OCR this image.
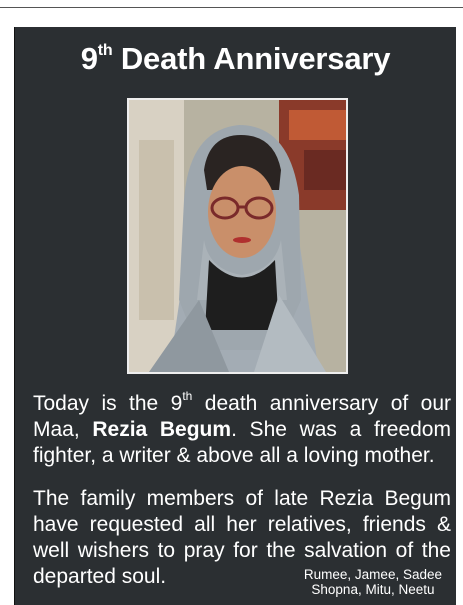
9th Death Anniversary
Today is the 9th death anniversary of our Maa, Rezia Begum. She was a freedom fighter, a writer & above all a loving mother.
The family members of late Rezia Begum have requested all her relatives, friends & well wishers to pray for the salvation of the departed soul.	Rumee, Jamee, Sadee
Shopna, Mitu, Neetu
